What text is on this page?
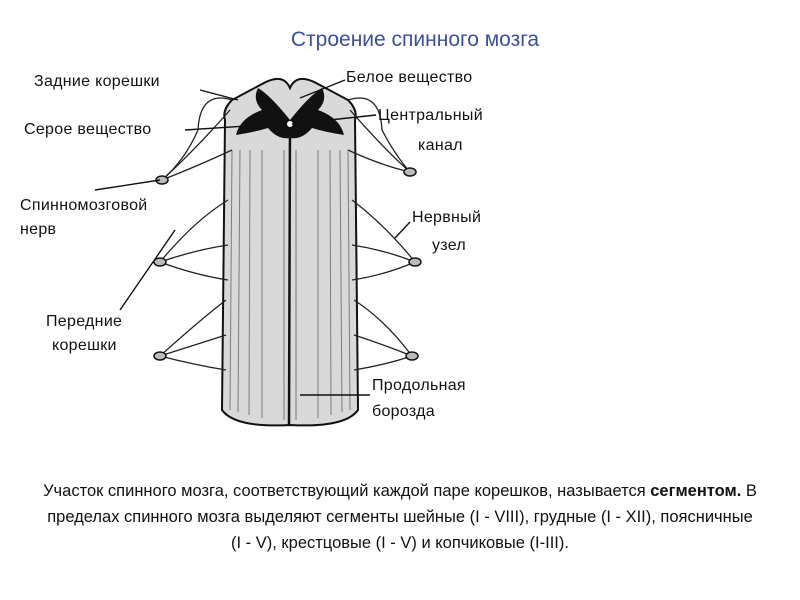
Строение спинного мозга
Задние корешки	Белое вещество
Серое вещество
Центральный
канал
Спинномозговой
нерв
Нервный
узел
Передние
корешки
Продольная
борозда
Участок спинного мозга, соответствующий каждой паре корешков, называется сегментом. В пределах спинного мозга выделяют сегменты шейные (I - VIII), грудные (I - XII), поясничные (I - V), крестцовые (I - V) и копчиковые (I-III).
